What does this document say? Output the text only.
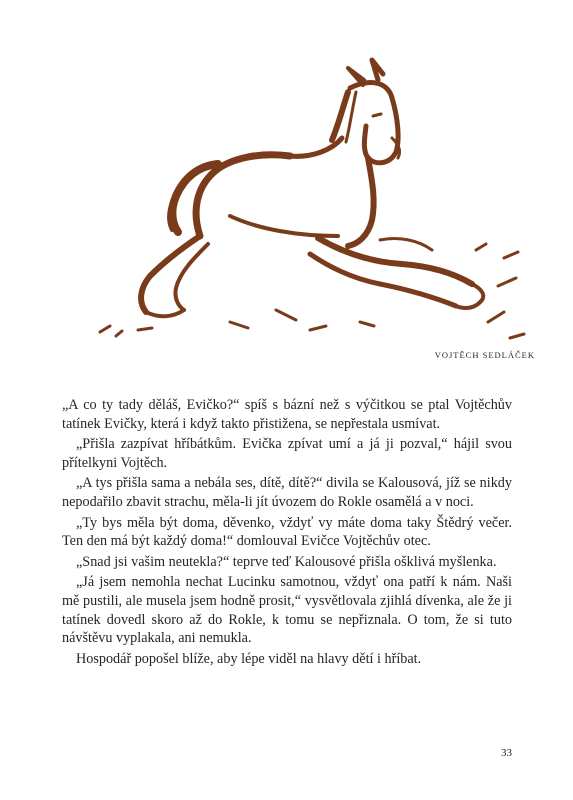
VOJTĚCH SEDLÁČEK

„A co ty tady děláš, Evičko?“ spíš s bázní než s výčitkou se ptal Vojtěchův tatínek Evičky, která i když takto přistižena, se nepřestala usmívat.

„Přišla zazpívat hříbátkům. Evička zpívat umí a já ji pozval,“ hájil svou přítelkyni Vojtěch.

„A tys přišla sama a nebála ses, dítě, dítě?“ divila se Kalousová, jíž se nikdy nepodařilo zbavit strachu, měla-li jít úvozem do Rokle osamělá a v noci.

„Ty bys měla být doma, děvenko, vždyť vy máte doma taky Štědrý večer. Ten den má být každý doma!“ domlouval Evičce Vojtěchův otec.

„Snad jsi vašim neutekla?“ teprve teď Kalousové přišla ošklivá myšlenka.

„Já jsem nemohla nechat Lucinku samotnou, vždyť ona patří k nám. Naši mě pustili, ale musela jsem hodně prosit,“ vysvětlovala zjihlá dívenka, ale že ji tatínek dovedl skoro až do Rokle, k tomu se nepřiznala. O tom, že si tuto návštěvu vyplakala, ani nemukla.

Hospodář popošel blíže, aby lépe viděl na hlavy dětí i hříbat.

33
